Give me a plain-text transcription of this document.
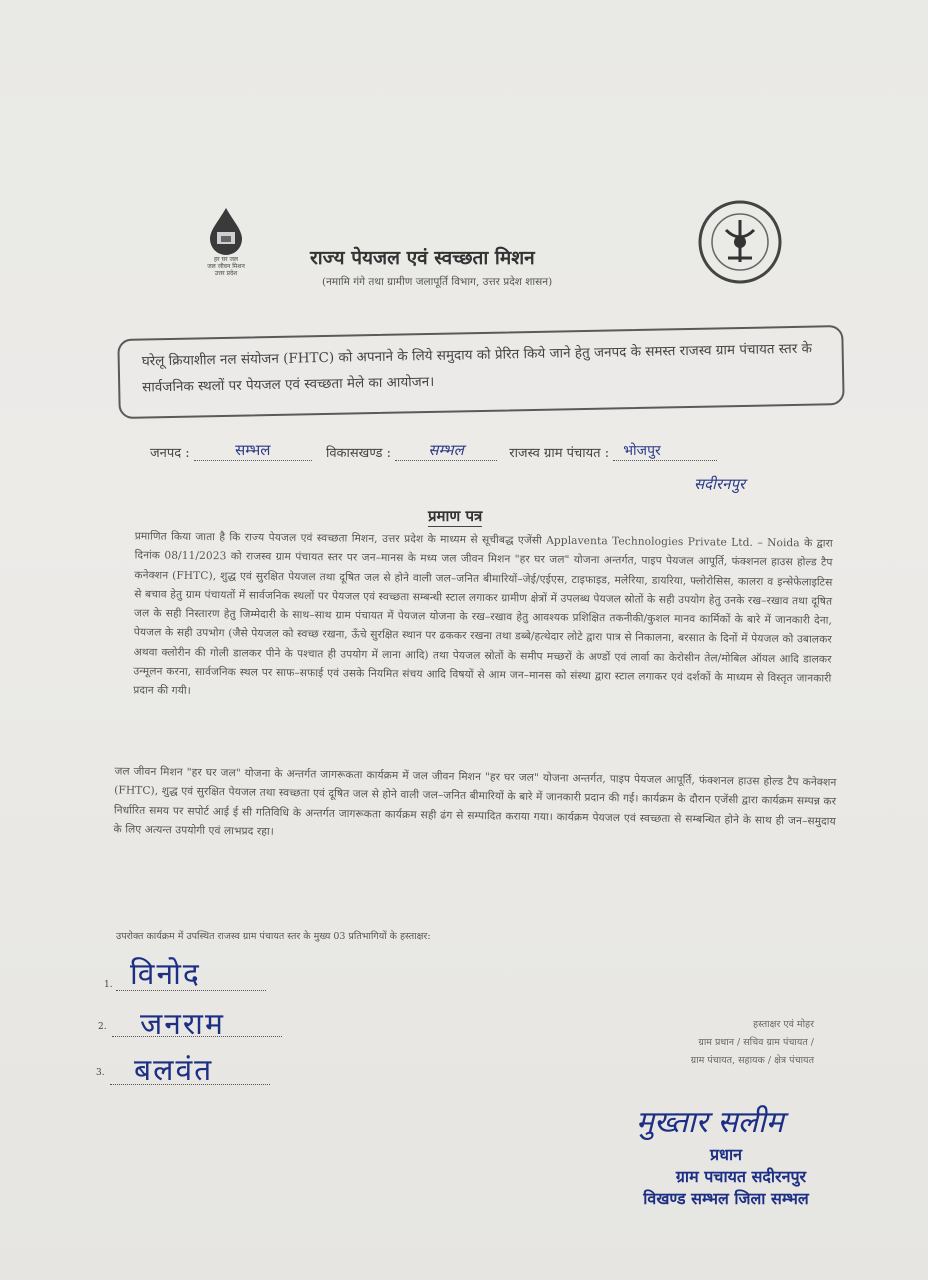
हर घर जल
जल जीवन मिशन
उत्तर प्रदेश
राज्य पेयजल एवं स्वच्छता मिशन
(नमामि गंगे तथा ग्रामीण जलापूर्ति विभाग, उत्तर प्रदेश शासन)
घरेलू क्रियाशील नल संयोजन (FHTC) को अपनाने के लिये समुदाय को प्रेरित किये जाने हेतु जनपद के समस्त राजस्व ग्राम पंचायत स्तर के सार्वजनिक स्थलों पर पेयजल एवं स्वच्छता मेले का आयोजन।
जनपद :	सम्भल	विकासखण्ड : सम्भल	राजस्व ग्राम पंचायत : भोजपुर
सदीरनपुर
प्रमाण पत्र
प्रमाणित किया जाता है कि राज्य पेयजल एवं स्वच्छता मिशन, उत्तर प्रदेश के माध्यम से सूचीबद्ध एजेंसी Applaventa Technologies Private Ltd. – Noida के द्वारा दिनांक 08/11/2023 को राजस्व ग्राम पंचायत स्तर पर जन–मानस के मध्य जल जीवन मिशन "हर घर जल" योजना अन्तर्गत, पाइप पेयजल आपूर्ति, फंक्शनल हाउस होल्ड टैप कनेक्शन (FHTC), शुद्ध एवं सुरक्षित पेयजल तथा दूषित जल से होने वाली जल–जनित बीमारियों–जेई/एईएस, टाइफाइड, मलेरिया, डायरिया, फ्लोरोसिस, कालरा व इन्सेफेलाइटिस से बचाव हेतु ग्राम पंचायतों में सार्वजनिक स्थलों पर पेयजल एवं स्वच्छता सम्बन्धी स्टाल लगाकर ग्रामीण क्षेत्रों में उपलब्ध पेयजल स्रोतों के सही उपयोग हेतु उनके रख–रखाव तथा दूषित जल के सही निस्तारण हेतु जिम्मेदारी के साथ–साथ ग्राम पंचायत में पेयजल योजना के रख–रखाव हेतु आवश्यक प्रशिक्षित तकनीकी/कुशल मानव कार्मिकों के बारे में जानकारी देना, पेयजल के सही उपभोग (जैसे पेयजल को स्वच्छ रखना, ऊँचे सुरक्षित स्थान पर ढककर रखना तथा डब्बे/हत्थेदार लोटे द्वारा पात्र से निकालना, बरसात के दिनों में पेयजल को उबालकर अथवा क्लोरीन की गोली डालकर पीने के पश्चात ही उपयोग में लाना आदि) तथा पेयजल स्रोतों के समीप मच्छरों के अण्डों एवं लार्वा का केरोसीन तेल/मोबिल ऑयल आदि डालकर उन्मूलन करना, सार्वजनिक स्थल पर साफ–सफाई एवं उसके नियमित संचय आदि विषयों से आम जन–मानस को संस्था द्वारा स्टाल लगाकर एवं दर्शकों के माध्यम से विस्तृत जानकारी प्रदान की गयी।
जल जीवन मिशन "हर घर जल" योजना के अन्तर्गत जागरूकता कार्यक्रम में जल जीवन मिशन "हर घर जल" योजना अन्तर्गत, पाइप पेयजल आपूर्ति, फंक्शनल हाउस होल्ड टैप कनेक्शन (FHTC), शुद्ध एवं सुरक्षित पेयजल तथा स्वच्छता एवं दूषित जल से होने वाली जल–जनित बीमारियों के बारे में जानकारी प्रदान की गई। कार्यक्रम के दौरान एजेंसी द्वारा कार्यक्रम सम्पन्न कर निर्धारित समय पर सपोर्ट आई ई सी गतिविधि के अन्तर्गत जागरूकता कार्यक्रम सही ढंग से सम्पादित कराया गया। कार्यक्रम पेयजल एवं स्वच्छता से सम्बन्धित होने के साथ ही जन–समुदाय के लिए अत्यन्त उपयोगी एवं लाभप्रद रहा।
उपरोक्त कार्यक्रम में उपस्थित राजस्व ग्राम पंचायत स्तर के मुख्य 03 प्रतिभागियों के हस्ताक्षर:
1. विनोद
2. जनराम
3. बलवंत
हस्ताक्षर एवं मोहर
ग्राम प्रधान / सचिव ग्राम पंचायत /
ग्राम पंचायत, सहायक / क्षेत्र पंचायत
मुख्तार सलीम
प्रधान
ग्राम पचायत सदीरनपुर
विखण्ड सम्भल जिला सम्भल
